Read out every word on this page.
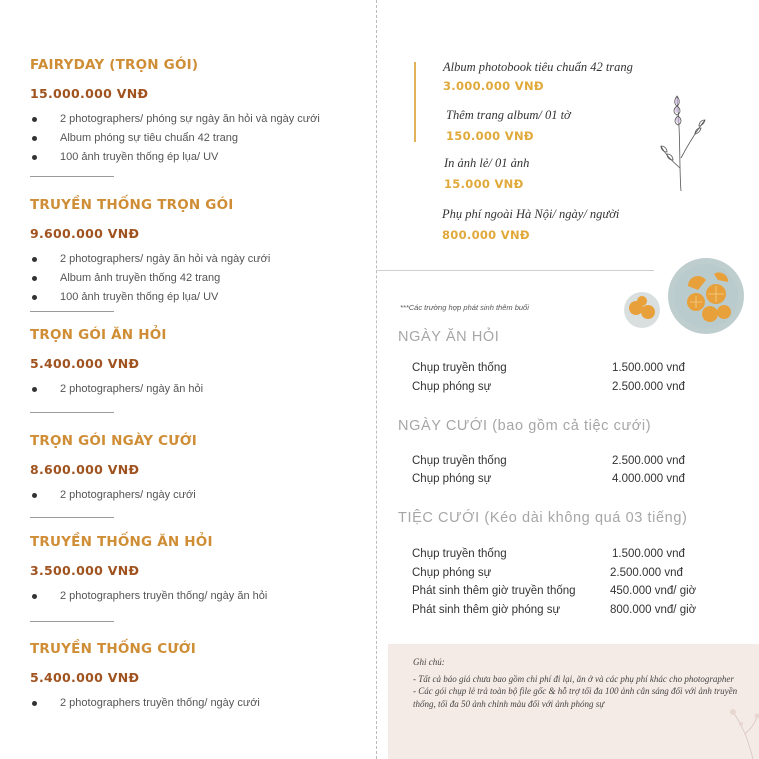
FAIRYDAY (TRỌN GÓI)
15.000.000 VNĐ
2 photographers/ phóng sự ngày ăn hỏi và ngày cưới
Album phóng sự tiêu chuẩn 42 trang
100 ảnh truyền thống ép lụa/ UV
TRUYỀN THỐNG TRỌN GÓI
9.600.000 VNĐ
2 photographers/ ngày ăn hỏi và ngày cưới
Album ảnh truyền thống 42 trang
100 ảnh truyền thống ép lụa/ UV
TRỌN GÓI ĂN HỎI
5.400.000 VNĐ
2 photographers/ ngày ăn hỏi
TRỌN GÓI NGÀY CƯỚI
8.600.000 VNĐ
2 photographers/ ngày cưới
TRUYỀN THỐNG ĂN HỎI
3.500.000 VNĐ
2 photographers truyền thống/ ngày ăn hỏi
TRUYỀN THỐNG CƯỚI
5.400.000 VNĐ
2 photographers truyền thống/ ngày cưới
Album photobook tiêu chuẩn 42 trang
3.000.000 VNĐ
Thêm trang album/ 01 tờ
150.000 VNĐ
In ảnh lẻ/ 01 ảnh
15.000 VNĐ
Phụ phí ngoài Hà Nội/ ngày/ người
800.000 VNĐ
***Các trường hợp phát sinh thêm buổi
NGÀY ĂN HỎI
Chụp truyền thống	1.500.000 vnđ
Chụp phóng sự	2.500.000 vnđ
NGÀY CƯỚI (bao gồm cả tiệc cưới)
Chụp truyền thống	2.500.000 vnđ
Chụp phóng sự	4.000.000 vnđ
TIỆC CƯỚI (Kéo dài không quá 03 tiếng)
Chụp truyền thống	1.500.000 vnđ
Chụp phóng sự	2.500.000 vnđ
Phát sinh thêm giờ truyền thống	450.000 vnđ/ giờ
Phát sinh thêm giờ phóng sự	800.000 vnđ/ giờ

Ghi chú:

- Tất cả báo giá chưa bao gồm chi phí đi lại, ăn ở và các phụ phí khác cho photographer

- Các gói chụp lẻ trả toàn bộ file gốc & hỗ trợ tối đa 100 ảnh cân sáng đối với ảnh truyền thống, tối đa 50 ảnh chỉnh màu đối với ảnh phóng sự
